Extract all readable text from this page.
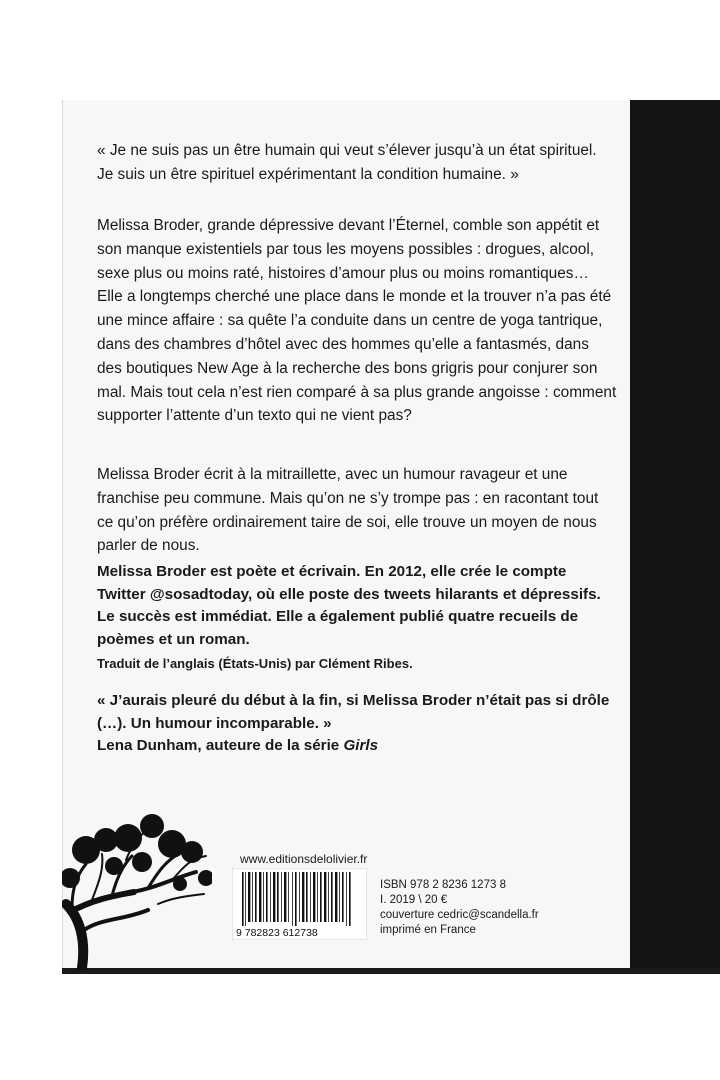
« Je ne suis pas un être humain qui veut s’élever jusqu’à un état spirituel. Je suis un être spirituel expérimentant la condition humaine. »

Melissa Broder, grande dépressive devant l’Éternel, comble son appétit et son manque existentiels par tous les moyens possibles : drogues, alcool, sexe plus ou moins raté, histoires d’amour plus ou moins romantiques… Elle a longtemps cherché une place dans le monde et la trouver n’a pas été une mince affaire : sa quête l’a conduite dans un centre de yoga tantrique, dans des chambres d’hôtel avec des hommes qu’elle a fantasmés, dans des boutiques New Age à la recherche des bons grigris pour conjurer son mal. Mais tout cela n’est rien comparé à sa plus grande angoisse : comment supporter l’attente d’un texto qui ne vient pas?

Melissa Broder écrit à la mitraillette, avec un humour ravageur et une franchise peu commune. Mais qu’on ne s’y trompe pas : en racontant tout ce qu’on préfère ordinairement taire de soi, elle trouve un moyen de nous parler de nous.

Melissa Broder est poète et écrivain. En 2012, elle crée le compte Twitter @sosadtoday, où elle poste des tweets hilarants et dépressifs. Le succès est immédiat. Elle a également publié quatre recueils de poèmes et un roman.

Traduit de l’anglais (États-Unis) par Clément Ribes.

« J’aurais pleuré du début à la fin, si Melissa Broder n’était pas si drôle (…). Un humour incomparable. »
Lena Dunham, auteure de la série Girls

www.editionsdelolivier.fr

9 782823 612738
ISBN 978 2 8236 1273 8
I. 2019 \ 20 €
couverture cedric@scandella.fr
imprimé en France
